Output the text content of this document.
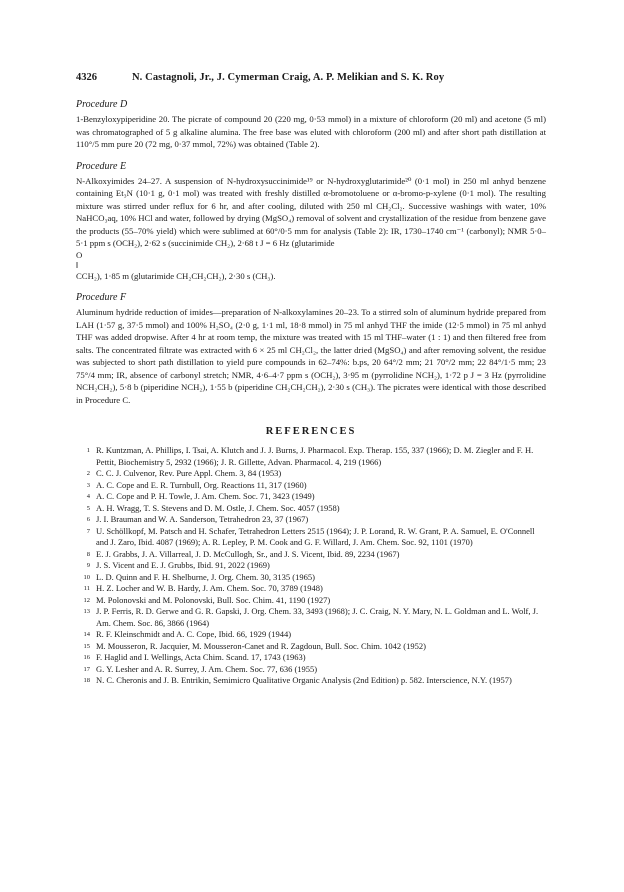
4326	N. Castagnoli, Jr., J. Cymerman Craig, A. P. Melikian and S. K. Roy
Procedure D

1-Benzyloxypiperidine 20. The picrate of compound 20 (220 mg, 0·53 mmol) in a mixture of chloroform (20 ml) and acetone (5 ml) was chromatographed of 5 g alkaline alumina. The free base was eluted with chloroform (200 ml) and after short path distillation at 110°/5 mm pure 20 (72 mg, 0·37 mmol, 72%) was obtained (Table 2).

Procedure E

N-Alkoxyimides 24–27. A suspension of N-hydroxysuccinimide¹⁹ or N-hydroxyglutarimide²⁰ (0·1 mol) in 250 ml anhyd benzene containing Et₃N (10·1 g, 0·1 mol) was treated with freshly distilled α-bromotoluene or α-bromo-p-xylene (0·1 mol). The resulting mixture was stirred under reflux for 6 hr, and after cooling, diluted with 250 ml CH₂Cl₂. Successive washings with water, 10% NaHCO₃aq, 10% HCl and water, followed by drying (MgSO₄) removal of solvent and crystallization of the residue from benzene gave the products (55–70% yield) which were sublimed at 60°/0·5 mm for analysis (Table 2): IR, 1730–1740 cm⁻¹ (carbonyl); NMR 5·0–5·1 ppm s (OCH₂), 2·62 s (succinimide CH₂), 2·68 t J = 6 Hz (glutarimide

O
‖

CCH₂), 1·85 m (glutarimide CH₂CH₂CH₂), 2·30 s (CH₃).

Procedure F

Aluminum hydride reduction of imides—preparation of N-alkoxylamines 20–23. To a stirred soln of aluminum hydride prepared from LAH (1·57 g, 37·5 mmol) and 100% H₂SO₄ (2·0 g, 1·1 ml, 18·8 mmol) in 75 ml anhyd THF the imide (12·5 mmol) in 75 ml anhyd THF was added dropwise. After 4 hr at room temp, the mixture was treated with 15 ml THF–water (1 : 1) and then filtered free from salts. The concentrated filtrate was extracted with 6 × 25 ml CH₂Cl₂, the latter dried (MgSO₄) and after removing solvent, the residue was subjected to short path distillation to yield pure compounds in 62–74%: b.ps, 20 64°/2 mm; 21 70°/2 mm; 22 84°/1·5 mm; 23 75°/4 mm; IR, absence of carbonyl stretch; NMR, 4·6–4·7 ppm s (OCH₂), 3·95 m (pyrrolidine NCH₂), 1·72 p J = 3 Hz (pyrrolidine NCH₂CH₂), 5·8 b (piperidine NCH₂), 1·55 b (piperidine CH₂CH₂CH₂), 2·30 s (CH₃). The picrates were identical with those described in Procedure C.

REFERENCES
1 R. Kuntzman, A. Phillips, I. Tsai, A. Klutch and J. J. Burns, J. Pharmacol. Exp. Therap. 155, 337 (1966); D. M. Ziegler and F. H. Pettit, Biochemistry 5, 2932 (1966); J. R. Gillette, Advan. Pharmacol. 4, 219 (1966)
2 C. C. J. Culvenor, Rev. Pure Appl. Chem. 3, 84 (1953)
3 A. C. Cope and E. R. Turnbull, Org. Reactions 11, 317 (1960)
4 A. C. Cope and P. H. Towle, J. Am. Chem. Soc. 71, 3423 (1949)
5 A. H. Wragg, T. S. Stevens and D. M. Ostle, J. Chem. Soc. 4057 (1958)
6 J. I. Brauman and W. A. Sanderson, Tetrahedron 23, 37 (1967)
7 U. Schöllkopf, M. Patsch and H. Schafer, Tetrahedron Letters 2515 (1964); J. P. Lorand, R. W. Grant, P. A. Samuel, E. O'Connell and J. Zaro, Ibid. 4087 (1969); A. R. Lepley, P. M. Cook and G. F. Willard, J. Am. Chem. Soc. 92, 1101 (1970)
8 E. J. Grabbs, J. A. Villarreal, J. D. McCullogh, Sr., and J. S. Vicent, Ibid. 89, 2234 (1967)
9 J. S. Vicent and E. J. Grubbs, Ibid. 91, 2022 (1969)
10 L. D. Quinn and F. H. Shelburne, J. Org. Chem. 30, 3135 (1965)
11 H. Z. Locher and W. B. Hardy, J. Am. Chem. Soc. 70, 3789 (1948)
12 M. Polonovski and M. Polonovski, Bull. Soc. Chim. 41, 1190 (1927)
13 J. P. Ferris, R. D. Gerwe and G. R. Gapski, J. Org. Chem. 33, 3493 (1968); J. C. Craig, N. Y. Mary, N. L. Goldman and L. Wolf, J. Am. Chem. Soc. 86, 3866 (1964)
14 R. F. Kleinschmidt and A. C. Cope, Ibid. 66, 1929 (1944)
15 M. Mousseron, R. Jacquier, M. Mousseron-Canet and R. Zagdoun, Bull. Soc. Chim. 1042 (1952)
16 F. Haglid and I. Wellings, Acta Chim. Scand. 17, 1743 (1963)
17 G. Y. Lesher and A. R. Surrey, J. Am. Chem. Soc. 77, 636 (1955)
18 N. C. Cheronis and J. B. Entrikin, Semimicro Qualitative Organic Analysis (2nd Edition) p. 582. Interscience, N.Y. (1957)
